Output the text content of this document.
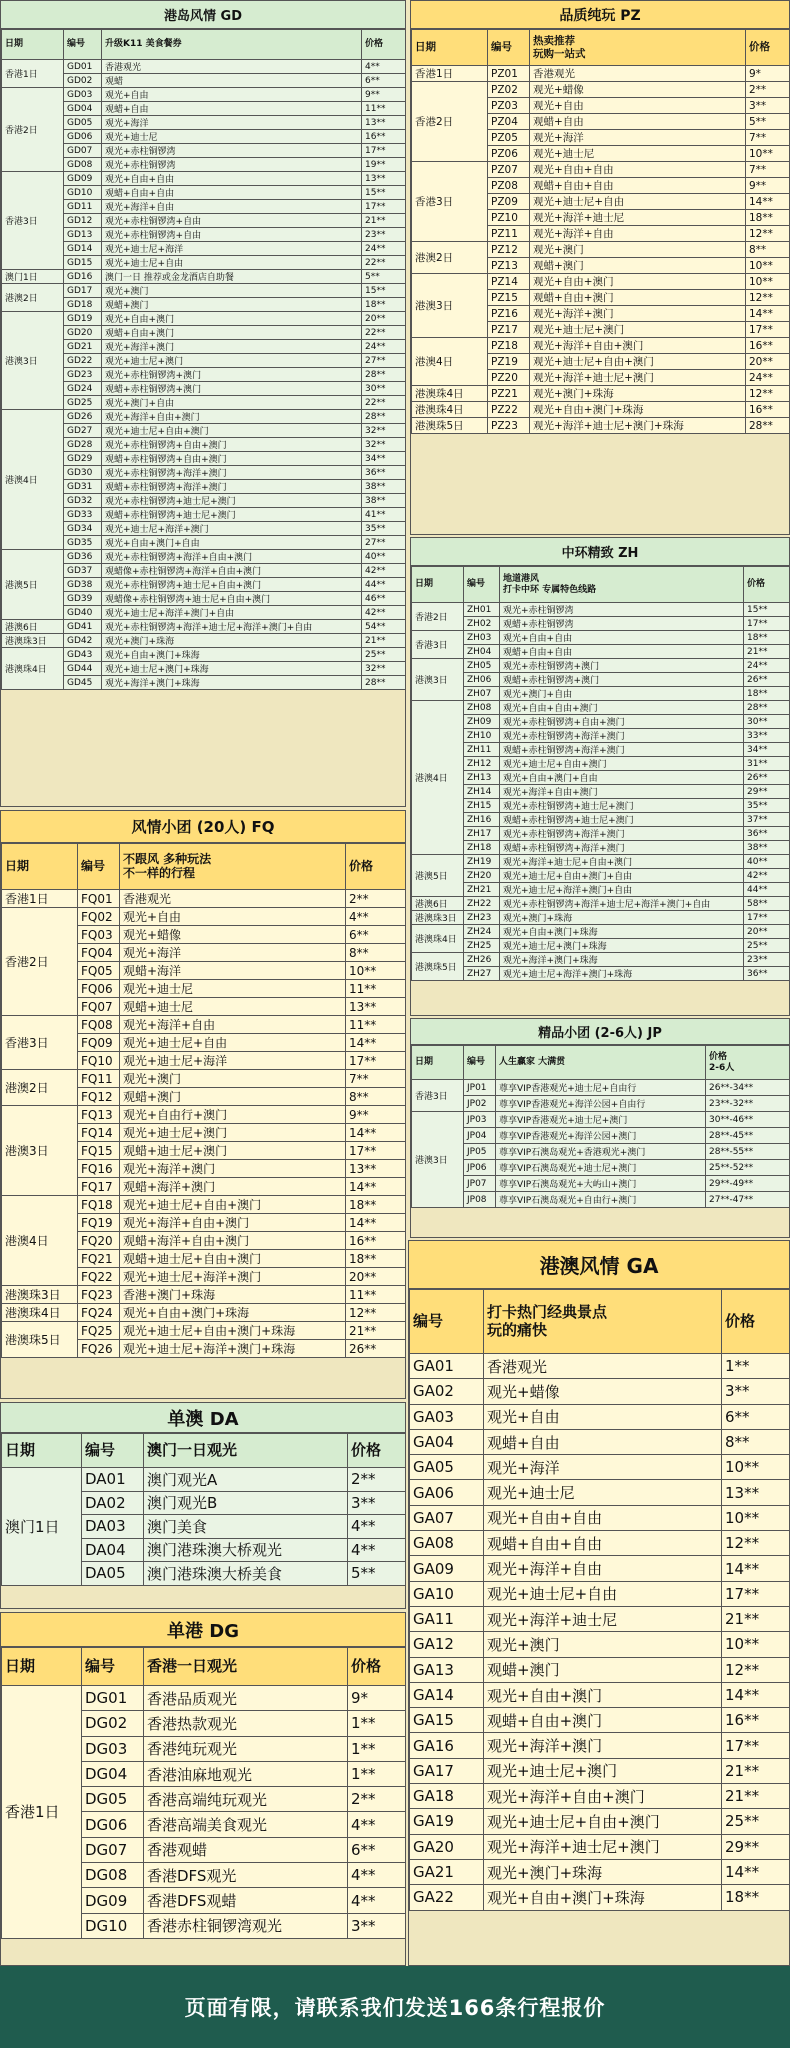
港岛风情 GD
日期	编号	升级K11 美食餐券	价格
香港1日	GD01	香港观光	4**
	GD02	观蜡	6**
香港2日	GD03	观光+自由	9**
	GD04	观蜡+自由	11**
	GD05	观光+海洋	13**
	GD06	观光+迪士尼	16**
	GD07	观光+赤柱铜锣湾	17**
	GD08	观光+赤柱铜锣湾	19**
香港3日	GD09	观光+自由+自由	13**
	GD10	观蜡+自由+自由	15**
	GD11	观光+海洋+自由	17**
	GD12	观光+赤柱铜锣湾+自由	21**
	GD13	观光+赤柱铜锣湾+自由	23**
	GD14	观光+迪士尼+海洋	24**
	GD15	观光+迪士尼+自由	22**
澳门1日	GD16	澳门一日 推荐或金龙酒店自助餐	5**
港澳2日	GD17	观光+澳门	15**
	GD18	观蜡+澳门	18**
港澳3日	GD19	观光+自由+澳门	20**
	GD20	观蜡+自由+澳门	22**
	GD21	观光+海洋+澳门	24**
	GD22	观光+迪士尼+澳门	27**
	GD23	观光+赤柱铜锣湾+澳门	28**
	GD24	观蜡+赤柱铜锣湾+澳门	30**
	GD25	观光+澳门+自由	22**
港澳4日	GD26	观光+海洋+自由+澳门	28**
	GD27	观光+迪士尼+自由+澳门	32**
	GD28	观光+赤柱铜锣湾+自由+澳门	32**
	GD29	观蜡+赤柱铜锣湾+自由+澳门	34**
	GD30	观光+赤柱铜锣湾+海洋+澳门	36**
	GD31	观蜡+赤柱铜锣湾+海洋+澳门	38**
	GD32	观光+赤柱铜锣湾+迪士尼+澳门	38**
	GD33	观蜡+赤柱铜锣湾+迪士尼+澳门	41**
	GD34	观光+迪士尼+海洋+澳门	35**
	GD35	观光+自由+澳门+自由	27**
港澳5日	GD36	观光+赤柱铜锣湾+海洋+自由+澳门	40**
	GD37	观蜡像+赤柱铜锣湾+海洋+自由+澳门	42**
	GD38	观光+赤柱铜锣湾+迪士尼+自由+澳门	44**
	GD39	观蜡像+赤柱铜锣湾+迪士尼+自由+澳门	46**
	GD40	观光+迪士尼+海洋+澳门+自由	42**
港澳6日	GD41	观光+赤柱铜锣湾+海洋+迪士尼+海洋+澳门+自由	54**
港澳珠3日	GD42	观光+澳门+珠海	21**
港澳珠4日	GD43	观光+自由+澳门+珠海	25**
	GD44	观光+迪士尼+澳门+珠海	32**
	GD45	观光+海洋+澳门+珠海	28**
品质纯玩 PZ
日期	编号	热卖推荐
玩购一站式	价格
香港1日	PZ01	香港观光	9*
香港2日	PZ02	观光+蜡像	2**
	PZ03	观光+自由	3**
	PZ04	观蜡+自由	5**
	PZ05	观光+海洋	7**
	PZ06	观光+迪士尼	10**
香港3日	PZ07	观光+自由+自由	7**
	PZ08	观蜡+自由+自由	9**
	PZ09	观光+迪士尼+自由	14**
	PZ10	观光+海洋+迪士尼	18**
	PZ11	观光+海洋+自由	12**
港澳2日	PZ12	观光+澳门	8**
	PZ13	观蜡+澳门	10**
港澳3日	PZ14	观光+自由+澳门	10**
	PZ15	观蜡+自由+澳门	12**
	PZ16	观光+海洋+澳门	14**
	PZ17	观光+迪士尼+澳门	17**
港澳4日	PZ18	观光+海洋+自由+澳门	16**
	PZ19	观光+迪士尼+自由+澳门	20**
	PZ20	观光+海洋+迪士尼+澳门	24**
港澳珠4日	PZ21	观光+澳门+珠海	12**
港澳珠4日	PZ22	观光+自由+澳门+珠海	16**
港澳珠5日	PZ23	观光+海洋+迪士尼+澳门+珠海	28**
中环精致 ZH
日期	编号	地道港风
打卡中环 专属特色线路	价格
香港2日	ZH01	观光+赤柱铜锣湾	15**
	ZH02	观蜡+赤柱铜锣湾	17**
香港3日	ZH03	观光+自由+自由	18**
	ZH04	观蜡+自由+自由	21**
港澳3日	ZH05	观光+赤柱铜锣湾+澳门	24**
	ZH06	观蜡+赤柱铜锣湾+澳门	26**
	ZH07	观光+澳门+自由	18**
港澳4日	ZH08	观光+自由+自由+澳门	28**
	ZH09	观光+赤柱铜锣湾+自由+澳门	30**
	ZH10	观光+赤柱铜锣湾+海洋+澳门	33**
	ZH11	观蜡+赤柱铜锣湾+海洋+澳门	34**
	ZH12	观光+迪士尼+自由+澳门	31**
	ZH13	观光+自由+澳门+自由	26**
	ZH14	观光+海洋+自由+澳门	29**
	ZH15	观光+赤柱铜锣湾+迪士尼+澳门	35**
	ZH16	观蜡+赤柱铜锣湾+迪士尼+澳门	37**
	ZH17	观光+赤柱铜锣湾+海洋+澳门	36**
	ZH18	观蜡+赤柱铜锣湾+海洋+澳门	38**
港澳5日	ZH19	观光+海洋+迪士尼+自由+澳门	40**
	ZH20	观光+迪士尼+自由+澳门+自由	42**
	ZH21	观光+迪士尼+海洋+澳门+自由	44**
港澳6日	ZH22	观光+赤柱铜锣湾+海洋+迪士尼+海洋+澳门+自由	58**
港澳珠3日	ZH23	观光+澳门+珠海	17**
港澳珠4日	ZH24	观光+自由+澳门+珠海	20**
	ZH25	观光+迪士尼+澳门+珠海	25**
港澳珠5日	ZH26	观光+海洋+澳门+珠海	23**
	ZH27	观光+迪士尼+海洋+澳门+珠海	36**
风情小团 (20人) FQ
日期	编号	不跟风 多种玩法
不一样的行程	价格
香港1日	FQ01	香港观光	2**
香港2日	FQ02	观光+自由	4**
	FQ03	观光+蜡像	6**
	FQ04	观光+海洋	8**
	FQ05	观蜡+海洋	10**
	FQ06	观光+迪士尼	11**
	FQ07	观蜡+迪士尼	13**
香港3日	FQ08	观光+海洋+自由	11**
	FQ09	观光+迪士尼+自由	14**
	FQ10	观光+迪士尼+海洋	17**
港澳2日	FQ11	观光+澳门	7**
	FQ12	观蜡+澳门	8**
港澳3日	FQ13	观光+自由行+澳门	9**
	FQ14	观光+迪士尼+澳门	14**
	FQ15	观蜡+迪士尼+澳门	17**
	FQ16	观光+海洋+澳门	13**
	FQ17	观蜡+海洋+澳门	14**
港澳4日	FQ18	观光+迪士尼+自由+澳门	18**
	FQ19	观光+海洋+自由+澳门	14**
	FQ20	观蜡+海洋+自由+澳门	16**
	FQ21	观蜡+迪士尼+自由+澳门	18**
	FQ22	观光+迪士尼+海洋+澳门	20**
港澳珠3日	FQ23	香港+澳门+珠海	11**
港澳珠4日	FQ24	观光+自由+澳门+珠海	12**
港澳珠5日	FQ25	观光+迪士尼+自由+澳门+珠海	21**
	FQ26	观光+迪士尼+海洋+澳门+珠海	26**
精品小团 (2-6人) JP
日期	编号	人生赢家 大满贯	价格
2-6人
香港3日	JP01	尊享VIP香港观光+迪士尼+自由行	26**-34**
	JP02	尊享VIP香港观光+海洋公园+自由行	23**-32**
港澳3日	JP03	尊享VIP香港观光+迪士尼+澳门	30**-46**
	JP04	尊享VIP香港观光+海洋公园+澳门	28**-45**
	JP05	尊享VIP石澳岛观光+香港观光+澳门	28**-55**
	JP06	尊享VIP石澳岛观光+迪士尼+澳门	25**-52**
	JP07	尊享VIP石澳岛观光+大屿山+澳门	29**-49**
	JP08	尊享VIP石澳岛观光+自由行+澳门	27**-47**
单澳 DA
日期	编号	澳门一日观光	价格
澳门1日	DA01	澳门观光A	2**
	DA02	澳门观光B	3**
	DA03	澳门美食	4**
	DA04	澳门港珠澳大桥观光	4**
	DA05	澳门港珠澳大桥美食	5**
单港 DG
日期	编号	香港一日观光	价格
香港1日	DG01	香港品质观光	9*
	DG02	香港热款观光	1**
	DG03	香港纯玩观光	1**
	DG04	香港油麻地观光	1**
	DG05	香港高端纯玩观光	2**
	DG06	香港高端美食观光	4**
	DG07	香港观蜡	6**
	DG08	香港DFS观光	4**
	DG09	香港DFS观蜡	4**
	DG10	香港赤柱铜锣湾观光	3**
港澳风情 GA
编号	打卡热门经典景点
玩的痛快	价格
GA01	香港观光	1**
GA02	观光+蜡像	3**
GA03	观光+自由	6**
GA04	观蜡+自由	8**
GA05	观光+海洋	10**
GA06	观光+迪士尼	13**
GA07	观光+自由+自由	10**
GA08	观蜡+自由+自由	12**
GA09	观光+海洋+自由	14**
GA10	观光+迪士尼+自由	17**
GA11	观光+海洋+迪士尼	21**
GA12	观光+澳门	10**
GA13	观蜡+澳门	12**
GA14	观光+自由+澳门	14**
GA15	观蜡+自由+澳门	16**
GA16	观光+海洋+澳门	17**
GA17	观光+迪士尼+澳门	21**
GA18	观光+海洋+自由+澳门	21**
GA19	观光+迪士尼+自由+澳门	25**
GA20	观光+海洋+迪士尼+澳门	29**
GA21	观光+澳门+珠海	14**
GA22	观光+自由+澳门+珠海	18**
页面有限，请联系我们发送166条行程报价
